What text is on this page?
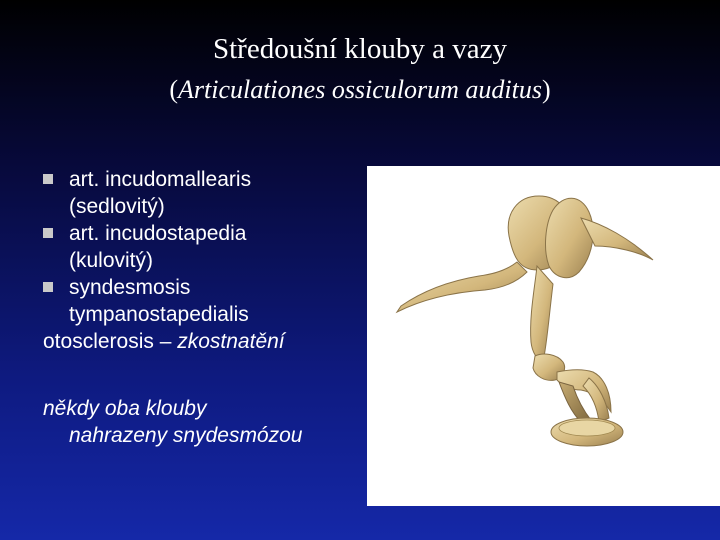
Středoušní klouby a vazy
(Articulationes ossiculorum auditus)
art. incudomallearis
(sedlovitý)
art. incudostapedia
(kulovitý)
syndesmosis
tympanostapedialis
otosclerosis – zkostnatění
někdy oba klouby
nahrazeny snydesmózou
